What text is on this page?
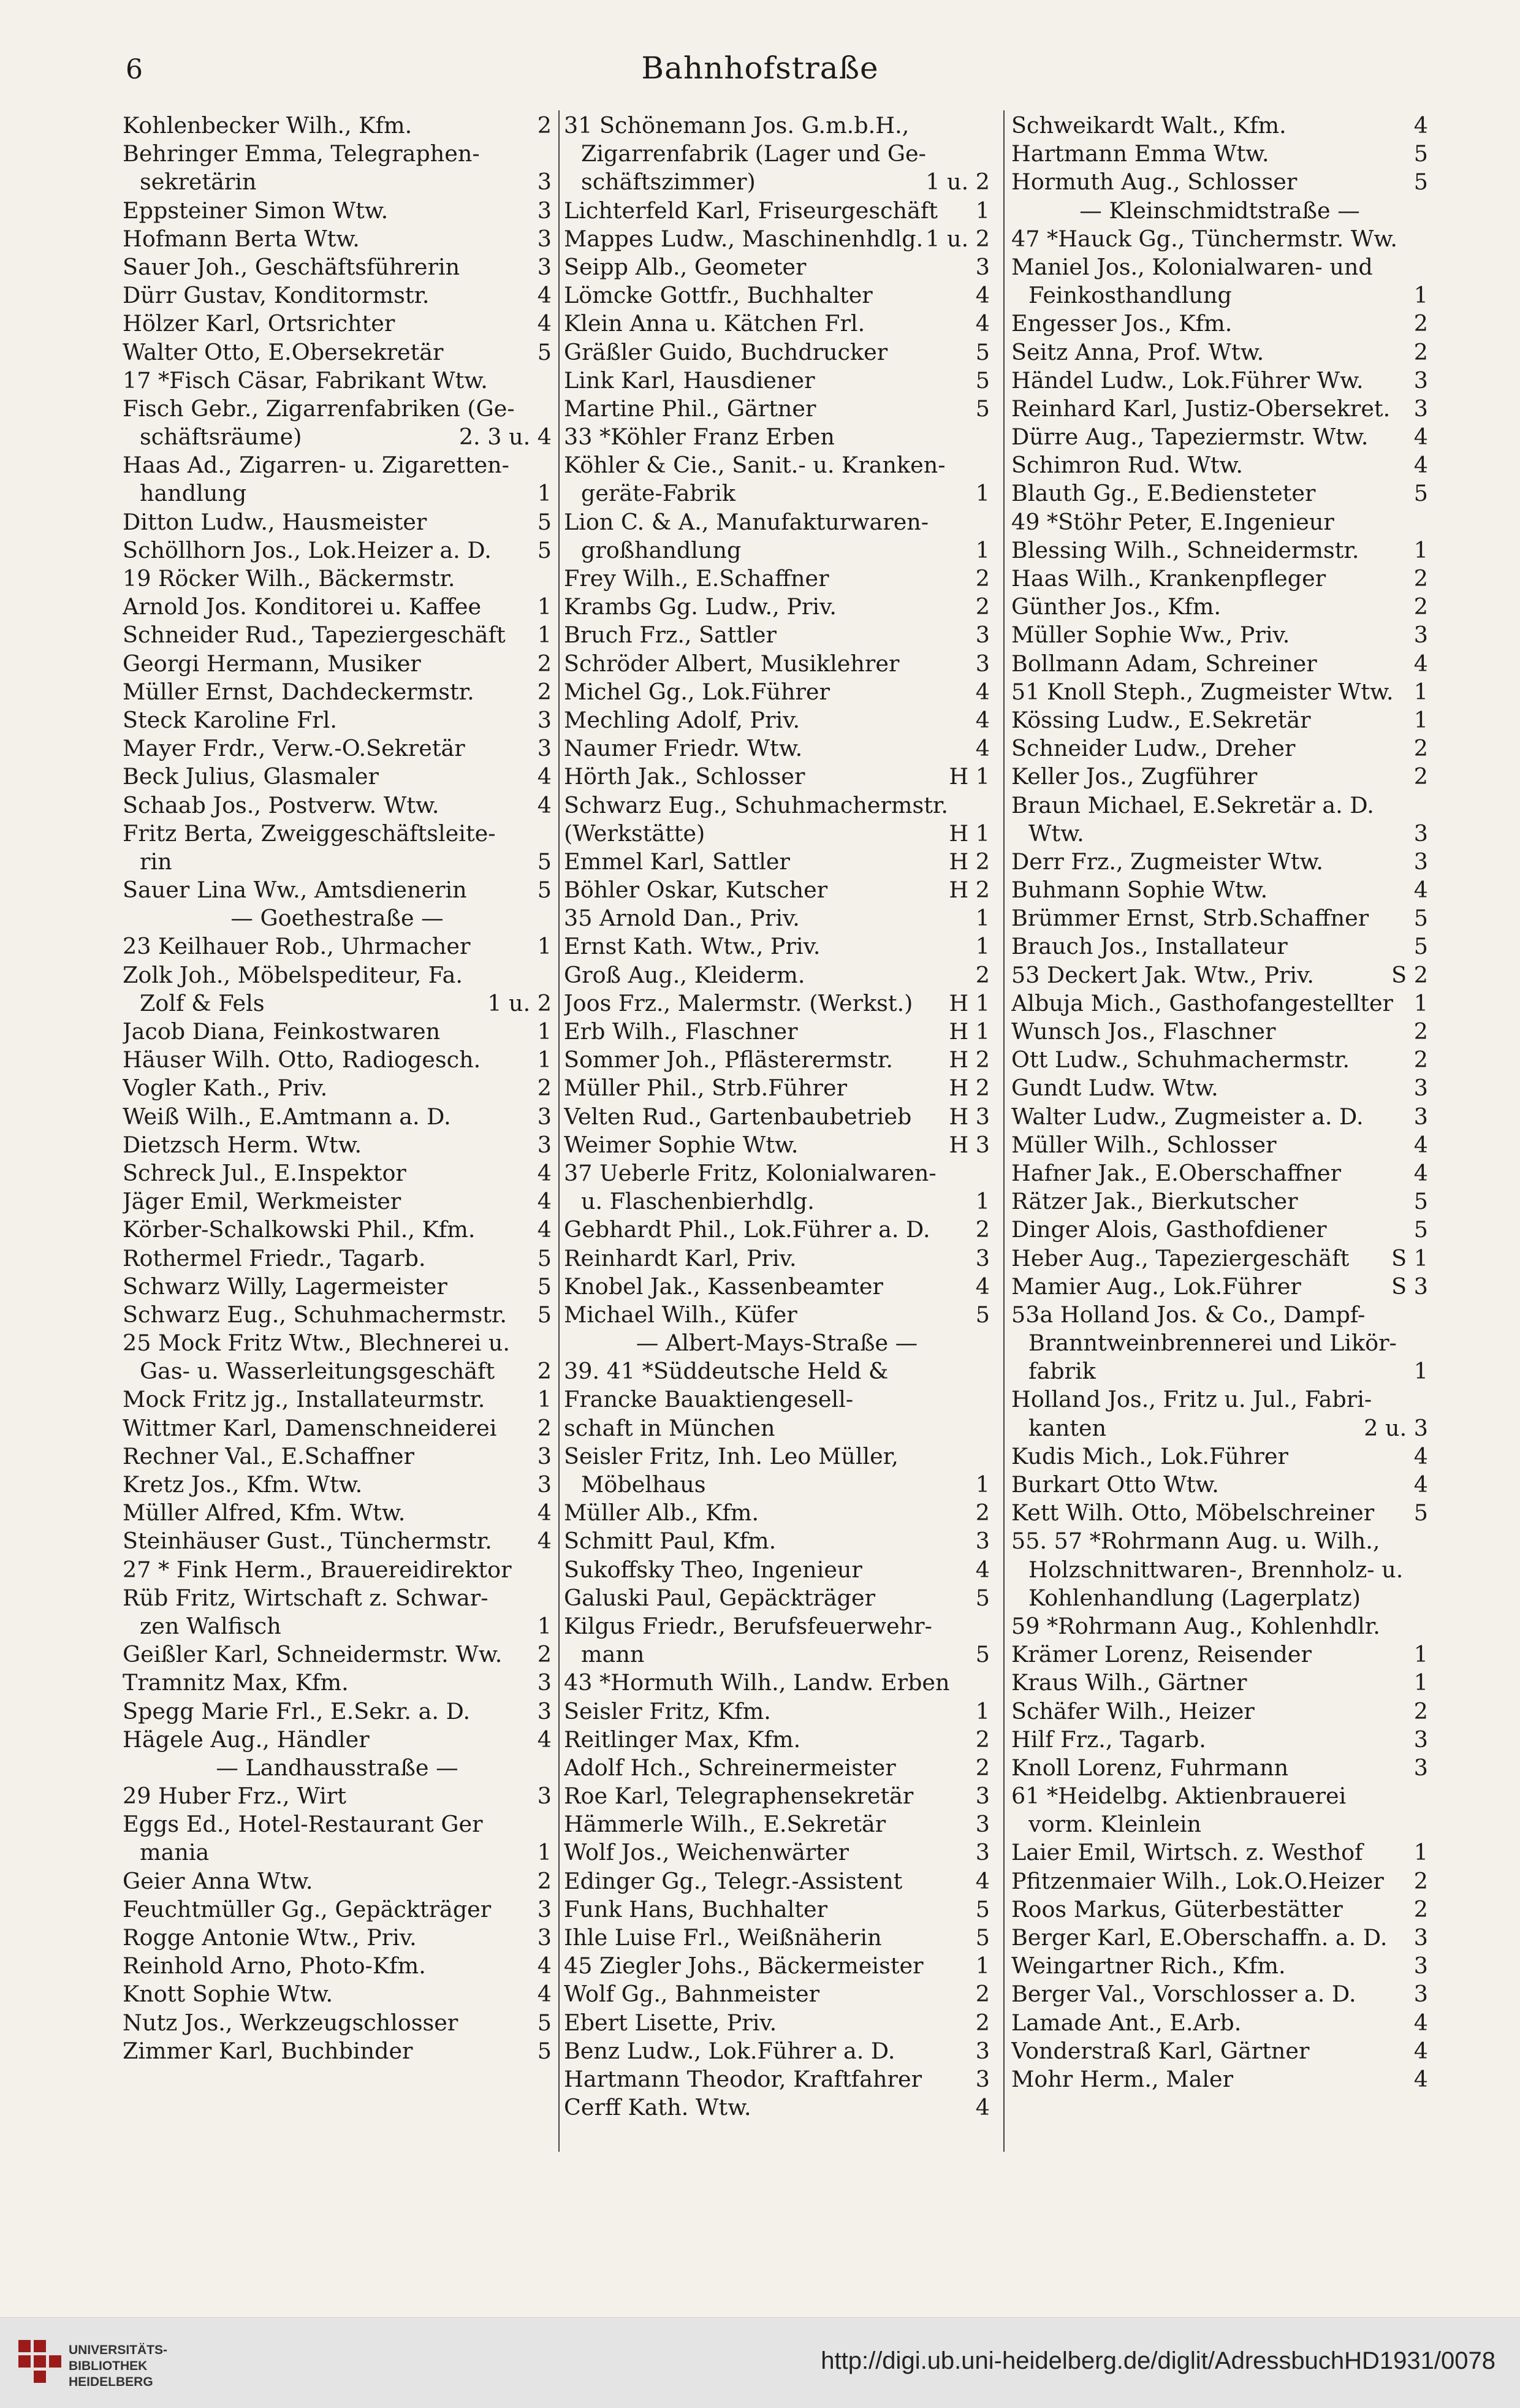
6	Bahnhofstraße
Kohlenbecker Wilh., Kfm.	2
Behringer Emma, Telegraphen-
sekretärin	3
Eppsteiner Simon Wtw.	3
Hofmann Berta Wtw.	3
Sauer Joh., Geschäftsführerin	3
Dürr Gustav, Konditormstr.	4
Hölzer Karl, Ortsrichter	4
Walter Otto, E.Obersekretär	5
17 *Fisch Cäsar, Fabrikant Wtw.
Fisch Gebr., Zigarrenfabriken (Ge-
schäftsräume)	2. 3 u. 4
Haas Ad., Zigarren- u. Zigaretten-
handlung	1
Ditton Ludw., Hausmeister	5
Schöllhorn Jos., Lok.Heizer a. D.	5
19 Röcker Wilh., Bäckermstr.
Arnold Jos. Konditorei u. Kaffee	1
Schneider Rud., Tapeziergeschäft	1
Georgi Hermann, Musiker	2
Müller Ernst, Dachdeckermstr.	2
Steck Karoline Frl.	3
Mayer Frdr., Verw.-O.Sekretär	3
Beck Julius, Glasmaler	4
Schaab Jos., Postverw. Wtw.	4
Fritz Berta, Zweiggeschäftsleite-
rin	5
Sauer Lina Ww., Amtsdienerin	5
— Goethestraße —
23 Keilhauer Rob., Uhrmacher	1
Zolk Joh., Möbelspediteur, Fa.
Zolf & Fels	1 u. 2
Jacob Diana, Feinkostwaren	1
Häuser Wilh. Otto, Radiogesch.	1
Vogler Kath., Priv.	2
Weiß Wilh., E.Amtmann a. D.	3
Dietzsch Herm. Wtw.	3
Schreck Jul., E.Inspektor	4
Jäger Emil, Werkmeister	4
Körber-Schalkowski Phil., Kfm.	4
Rothermel Friedr., Tagarb.	5
Schwarz Willy, Lagermeister	5
Schwarz Eug., Schuhmachermstr.	5
25 Mock Fritz Wtw., Blechnerei u.
Gas- u. Wasserleitungsgeschäft	2
Mock Fritz jg., Installateurmstr.	1
Wittmer Karl, Damenschneiderei	2
Rechner Val., E.Schaffner	3
Kretz Jos., Kfm. Wtw.	3
Müller Alfred, Kfm. Wtw.	4
Steinhäuser Gust., Tünchermstr.	4
27 * Fink Herm., Brauereidirektor
Rüb Fritz, Wirtschaft z. Schwar-
zen Walfisch	1
Geißler Karl, Schneidermstr. Ww.	2
Tramnitz Max, Kfm.	3
Spegg Marie Frl., E.Sekr. a. D.	3
Hägele Aug., Händler	4
— Landhausstraße —
29 Huber Frz., Wirt	3
Eggs Ed., Hotel-Restaurant Ger
mania	1
Geier Anna Wtw.	2
Feuchtmüller Gg., Gepäckträger	3
Rogge Antonie Wtw., Priv.	3
Reinhold Arno, Photo-Kfm.	4
Knott Sophie Wtw.	4
Nutz Jos., Werkzeugschlosser	5
Zimmer Karl, Buchbinder	5
31 Schönemann Jos. G.m.b.H.,
Zigarrenfabrik (Lager und Ge-
schäftszimmer)	1 u. 2
Lichterfeld Karl, Friseurgeschäft	1
Mappes Ludw., Maschinenhdlg. 1 u. 2
Seipp Alb., Geometer	3
Lömcke Gottfr., Buchhalter	4
Klein Anna u. Kätchen Frl.	4
Gräßler Guido, Buchdrucker	5
Link Karl, Hausdiener	5
Martine Phil., Gärtner	5
33 *Köhler Franz Erben
Köhler & Cie., Sanit.- u. Kranken-
geräte-Fabrik	1
Lion C. & A., Manufakturwaren-
großhandlung	1
Frey Wilh., E.Schaffner	2
Krambs Gg. Ludw., Priv.	2
Bruch Frz., Sattler	3
Schröder Albert, Musiklehrer	3
Michel Gg., Lok.Führer	4
Mechling Adolf, Priv.	4
Naumer Friedr. Wtw.	4
Hörth Jak., Schlosser	H 1
Schwarz Eug., Schuhmachermstr.
(Werkstätte)	H 1
Emmel Karl, Sattler	H 2
Böhler Oskar, Kutscher	H 2
35 Arnold Dan., Priv.	1
Ernst Kath. Wtw., Priv.	1
Groß Aug., Kleiderm.	2
Joos Frz., Malermstr. (Werkst.)	H 1
Erb Wilh., Flaschner	H 1
Sommer Joh., Pflästerermstr.	H 2
Müller Phil., Strb.Führer	H 2
Velten Rud., Gartenbaubetrieb	H 3
Weimer Sophie Wtw.	H 3
37 Ueberle Fritz, Kolonialwaren-
u. Flaschenbierhdlg.	1
Gebhardt Phil., Lok.Führer a. D.	2
Reinhardt Karl, Priv.	3
Knobel Jak., Kassenbeamter	4
Michael Wilh., Küfer	5
— Albert-Mays-Straße —
39. 41 *Süddeutsche Held &
Francke Bauaktiengesell-
schaft in München
Seisler Fritz, Inh. Leo Müller,
Möbelhaus	1
Müller Alb., Kfm.	2
Schmitt Paul, Kfm.	3
Sukoffsky Theo, Ingenieur	4
Galuski Paul, Gepäckträger	5
Kilgus Friedr., Berufsfeuerwehr-
mann	5
43 *Hormuth Wilh., Landw. Erben
Seisler Fritz, Kfm.	1
Reitlinger Max, Kfm.	2
Adolf Hch., Schreinermeister	2
Roe Karl, Telegraphensekretär	3
Hämmerle Wilh., E.Sekretär	3
Wolf Jos., Weichenwärter	3
Edinger Gg., Telegr.-Assistent	4
Funk Hans, Buchhalter	5
Ihle Luise Frl., Weißnäherin	5
45 Ziegler Johs., Bäckermeister	1
Wolf Gg., Bahnmeister	2
Ebert Lisette, Priv.	2
Benz Ludw., Lok.Führer a. D.	3
Hartmann Theodor, Kraftfahrer	3
Cerff Kath. Wtw.	4
Schweikardt Walt., Kfm.	4
Hartmann Emma Wtw.	5
Hormuth Aug., Schlosser	5
— Kleinschmidtstraße —
47 *Hauck Gg., Tünchermstr. Ww.
Maniel Jos., Kolonialwaren- und
Feinkosthandlung	1
Engesser Jos., Kfm.	2
Seitz Anna, Prof. Wtw.	2
Händel Ludw., Lok.Führer Ww.	3
Reinhard Karl, Justiz-Obersekret. 3
Dürre Aug., Tapeziermstr. Wtw.	4
Schimron Rud. Wtw.	4
Blauth Gg., E.Bediensteter	5
49 *Stöhr Peter, E.Ingenieur
Blessing Wilh., Schneidermstr.	1
Haas Wilh., Krankenpfleger	2
Günther Jos., Kfm.	2
Müller Sophie Ww., Priv.	3
Bollmann Adam, Schreiner	4
51 Knoll Steph., Zugmeister Wtw. 1
Kössing Ludw., E.Sekretär	1
Schneider Ludw., Dreher	2
Keller Jos., Zugführer	2
Braun Michael, E.Sekretär a. D.
Wtw.	3
Derr Frz., Zugmeister Wtw.	3
Buhmann Sophie Wtw.	4
Brümmer Ernst, Strb.Schaffner	5
Brauch Jos., Installateur	5
53 Deckert Jak. Wtw., Priv.	S 2
Albuja Mich., Gasthofangestellter 1
Wunsch Jos., Flaschner	2
Ott Ludw., Schuhmachermstr.	2
Gundt Ludw. Wtw.	3
Walter Ludw., Zugmeister a. D.	3
Müller Wilh., Schlosser	4
Hafner Jak., E.Oberschaffner	4
Rätzer Jak., Bierkutscher	5
Dinger Alois, Gasthofdiener	5
Heber Aug., Tapeziergeschäft	S 1
Mamier Aug., Lok.Führer	S 3
53a Holland Jos. & Co., Dampf-
Branntweinbrennerei und Likör-
fabrik	1
Holland Jos., Fritz u. Jul., Fabri-
kanten	2 u. 3
Kudis Mich., Lok.Führer	4
Burkart Otto Wtw.	4
Kett Wilh. Otto, Möbelschreiner	5
55. 57 *Rohrmann Aug. u. Wilh.,
Holzschnittwaren-, Brennholz- u.
Kohlenhandlung (Lagerplatz)
59 *Rohrmann Aug., Kohlenhdlr.
Krämer Lorenz, Reisender	1
Kraus Wilh., Gärtner	1
Schäfer Wilh., Heizer	2
Hilf Frz., Tagarb.	3
Knoll Lorenz, Fuhrmann	3
61 *Heidelbg. Aktienbrauerei
vorm. Kleinlein
Laier Emil, Wirtsch. z. Westhof	1
Pfitzenmaier Wilh., Lok.O.Heizer	2
Roos Markus, Güterbestätter	2
Berger Karl, E.Oberschaffn. a. D. 3
Weingartner Rich., Kfm.	3
Berger Val., Vorschlosser a. D.	3
Lamade Ant., E.Arb.	4
Vonderstraß Karl, Gärtner	4
Mohr Herm., Maler	4
UNIVERSITÄTS-
BIBLIOTHEK
HEIDELBERG
http://digi.ub.uni-heidelberg.de/diglit/AdressbuchHD1931/0078
